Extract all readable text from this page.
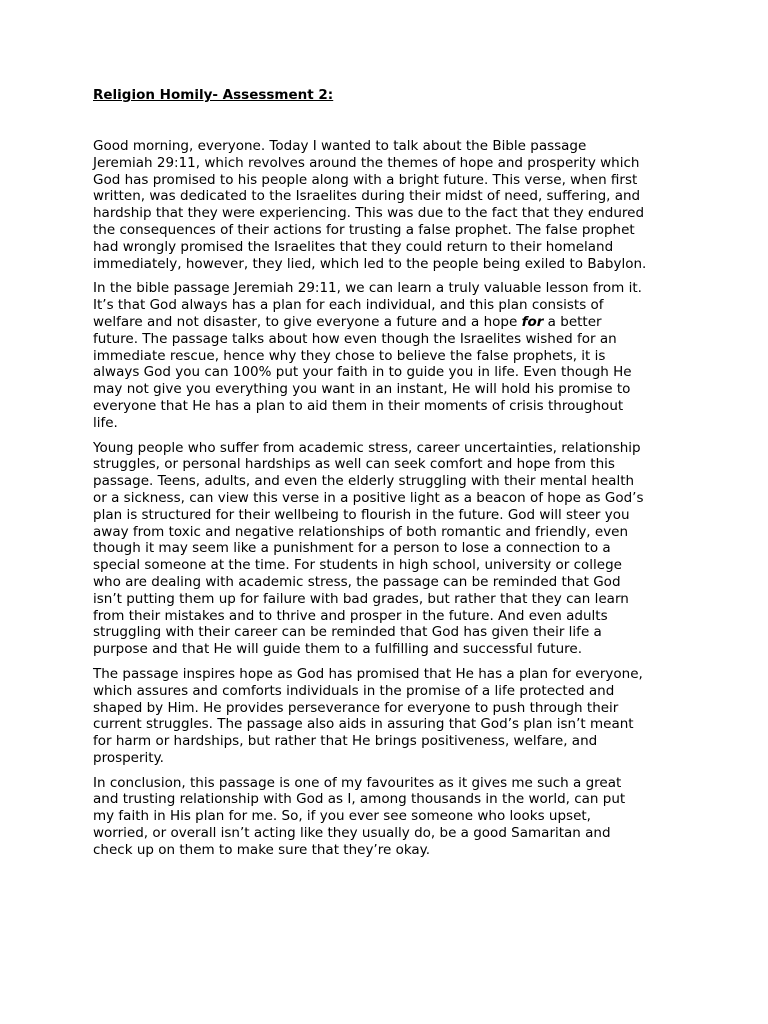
Religion Homily- Assessment 2:

Good morning, everyone. Today I wanted to talk about the Bible passage
Jeremiah 29:11, which revolves around the themes of hope and prosperity which
God has promised to his people along with a bright future. This verse, when first
written, was dedicated to the Israelites during their midst of need, suffering, and
hardship that they were experiencing. This was due to the fact that they endured
the consequences of their actions for trusting a false prophet. The false prophet
had wrongly promised the Israelites that they could return to their homeland
immediately, however, they lied, which led to the people being exiled to Babylon.

In the bible passage Jeremiah 29:11, we can learn a truly valuable lesson from it.
It’s that God always has a plan for each individual, and this plan consists of
welfare and not disaster, to give everyone a future and a hope for a better
future. The passage talks about how even though the Israelites wished for an
immediate rescue, hence why they chose to believe the false prophets, it is
always God you can 100% put your faith in to guide you in life. Even though He
may not give you everything you want in an instant, He will hold his promise to
everyone that He has a plan to aid them in their moments of crisis throughout
life.

Young people who suffer from academic stress, career uncertainties, relationship
struggles, or personal hardships as well can seek comfort and hope from this
passage. Teens, adults, and even the elderly struggling with their mental health
or a sickness, can view this verse in a positive light as a beacon of hope as God’s
plan is structured for their wellbeing to flourish in the future. God will steer you
away from toxic and negative relationships of both romantic and friendly, even
though it may seem like a punishment for a person to lose a connection to a
special someone at the time. For students in high school, university or college
who are dealing with academic stress, the passage can be reminded that God
isn’t putting them up for failure with bad grades, but rather that they can learn
from their mistakes and to thrive and prosper in the future. And even adults
struggling with their career can be reminded that God has given their life a
purpose and that He will guide them to a fulfilling and successful future.

The passage inspires hope as God has promised that He has a plan for everyone,
which assures and comforts individuals in the promise of a life protected and
shaped by Him. He provides perseverance for everyone to push through their
current struggles. The passage also aids in assuring that God’s plan isn’t meant
for harm or hardships, but rather that He brings positiveness, welfare, and
prosperity.

In conclusion, this passage is one of my favourites as it gives me such a great
and trusting relationship with God as I, among thousands in the world, can put
my faith in His plan for me. So, if you ever see someone who looks upset,
worried, or overall isn’t acting like they usually do, be a good Samaritan and
check up on them to make sure that they’re okay.
